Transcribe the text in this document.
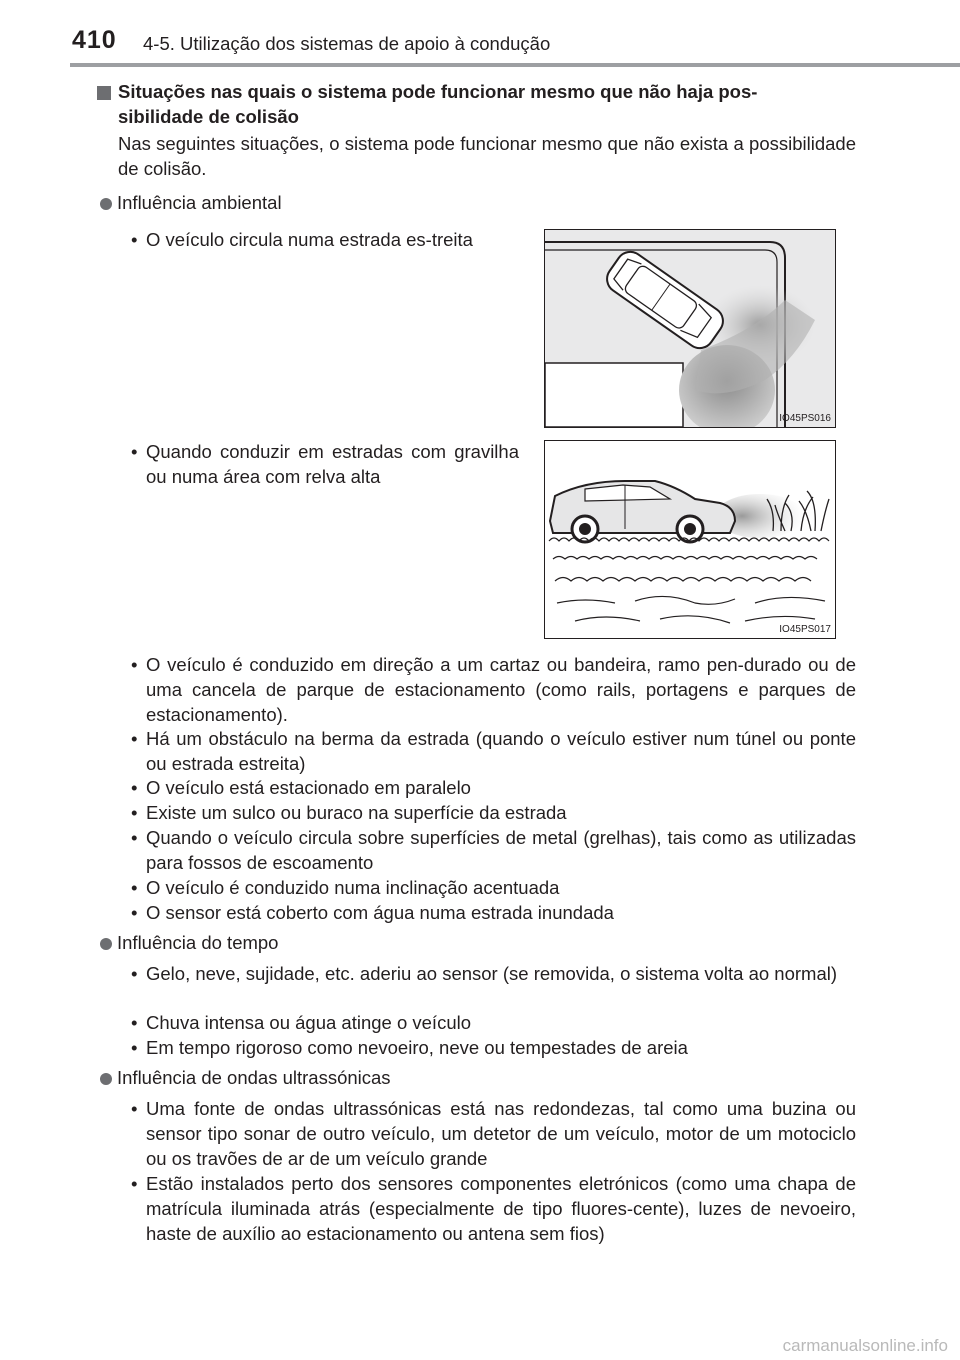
410 4-5. Utilização dos sistemas de apoio à condução
Situações nas quais o sistema pode funcionar mesmo que não haja pos-
sibilidade de colisão
Nas seguintes situações, o sistema pode funcionar mesmo que não exista a possibilidade de colisão.
Influência ambiental
• O veículo circula numa estrada es-treita
• Quando conduzir em estradas com gravilha ou numa área com relva alta
IO45PS016
IO45PS017
• O veículo é conduzido em direção a um cartaz ou bandeira, ramo pen-durado ou de uma cancela de parque de estacionamento (como rails, portagens e parques de estacionamento).
• Há um obstáculo na berma da estrada (quando o veículo estiver num túnel ou ponte ou estrada estreita)
• O veículo está estacionado em paralelo
• Existe um sulco ou buraco na superfície da estrada
• Quando o veículo circula sobre superfícies de metal (grelhas), tais como as utilizadas para fossos de escoamento
• O veículo é conduzido numa inclinação acentuada
• O sensor está coberto com água numa estrada inundada
Influência do tempo
• Gelo, neve, sujidade, etc. aderiu ao sensor (se removida, o sistema volta ao normal)
• Chuva intensa ou água atinge o veículo
• Em tempo rigoroso como nevoeiro, neve ou tempestades de areia
Influência de ondas ultrassónicas
• Uma fonte de ondas ultrassónicas está nas redondezas, tal como uma buzina ou sensor tipo sonar de outro veículo, um detetor de um veículo, motor de um motociclo ou os travões de ar de um veículo grande
• Estão instalados perto dos sensores componentes eletrónicos (como uma chapa de matrícula iluminada atrás (especialmente de tipo fluores-cente), luzes de nevoeiro, haste de auxílio ao estacionamento ou antena sem fios)
carmanualsonline.info
